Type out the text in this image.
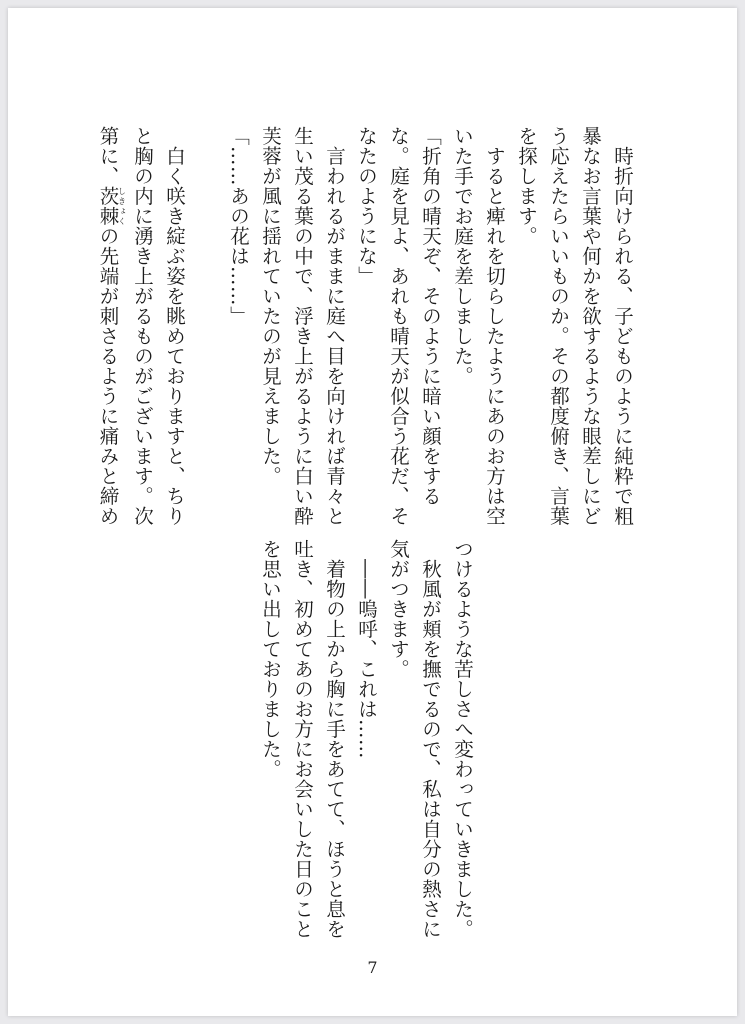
　時折向けられる、子どものように純粋で粗
暴なお言葉や何かを欲するような眼差しにど
う応えたらいいものか。その都度俯き、言葉
を探します。
　すると痺れを切らしたようにあのお方は空
いた手でお庭を差しました。
「折角の晴天ぞ、そのように暗い顔をする
な。庭を見よ、あれも晴天が似合う花だ、そ
なたのようにな」
　言われるがままに庭へ目を向ければ青々と
生い茂る葉の中で、浮き上がるように白い酔
芙蓉が風に揺れていたのが見えました。
「……あの花は……」
　白く咲き綻ぶ姿を眺めておりますと、ちり
と胸の内に湧き上がるものがございます。次
第に、茨棘しきょくの先端が刺さるように痛みと締め
つけるような苦しさへ変わっていきました。
　秋風が頬を撫でるので、私は自分の熱さに
気がつきます。
　――嗚呼、これは……
　着物の上から胸に手をあてて、ほうと息を
吐き、初めてあのお方にお会いした日のこと
を思い出しておりました。
7
